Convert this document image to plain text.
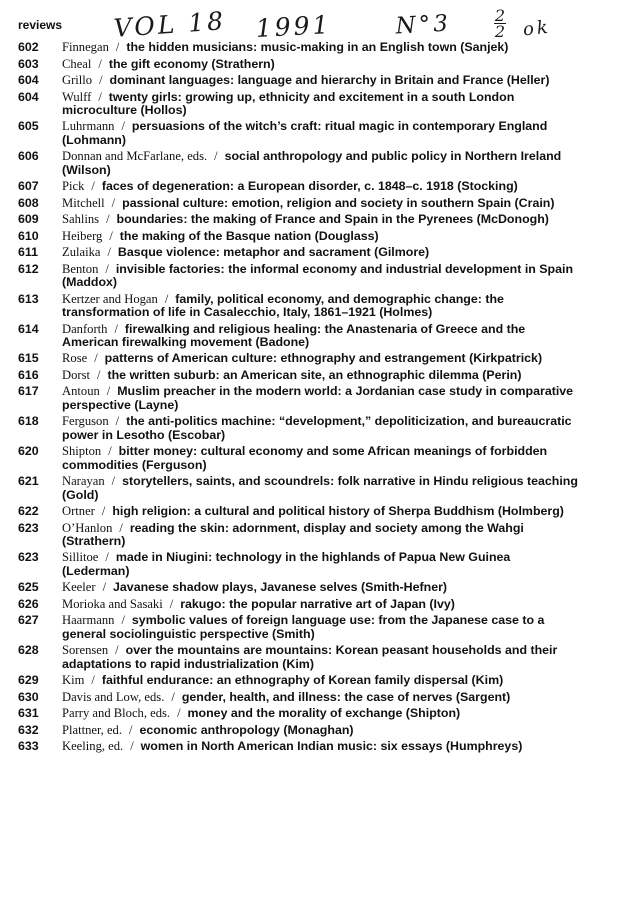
reviews VOL 18 1991	N°3	2
2 ok
602	Finnegan / the hidden musicians: music-making in an English town (Sanjek)
603	Cheal / the gift economy (Strathern)
604	Grillo / dominant languages: language and hierarchy in Britain and France (Heller)
604	Wulff / twenty girls: growing up, ethnicity and excitement in a south London microculture (Hollos)
605	Luhrmann / persuasions of the witch’s craft: ritual magic in contemporary England (Lohmann)
606	Donnan and McFarlane, eds. / social anthropology and public policy in Northern Ireland (Wilson)
607	Pick / faces of degeneration: a European disorder, c. 1848–c. 1918 (Stocking)
608	Mitchell / passional culture: emotion, religion and society in southern Spain (Crain)
609	Sahlins / boundaries: the making of France and Spain in the Pyrenees (McDonogh)
610	Heiberg / the making of the Basque nation (Douglass)
611	Zulaika / Basque violence: metaphor and sacrament (Gilmore)
612	Benton / invisible factories: the informal economy and industrial development in Spain (Maddox)
613	Kertzer and Hogan / family, political economy, and demographic change: the transformation of life in Casalecchio, Italy, 1861–1921 (Holmes)
614	Danforth / firewalking and religious healing: the Anastenaria of Greece and the American firewalking movement (Badone)
615	Rose / patterns of American culture: ethnography and estrangement (Kirkpatrick)
616	Dorst / the written suburb: an American site, an ethnographic dilemma (Perin)
617	Antoun / Muslim preacher in the modern world: a Jordanian case study in comparative perspective (Layne)
618	Ferguson / the anti-politics machine: “development,” depoliticization, and bureaucratic power in Lesotho (Escobar)
620	Shipton / bitter money: cultural economy and some African meanings of forbidden commodities (Ferguson)
621	Narayan / storytellers, saints, and scoundrels: folk narrative in Hindu religious teaching (Gold)
622	Ortner / high religion: a cultural and political history of Sherpa Buddhism (Holmberg)
623	O’Hanlon / reading the skin: adornment, display and society among the Wahgi (Strathern)
623	Sillitoe / made in Niugini: technology in the highlands of Papua New Guinea (Lederman)
625	Keeler / Javanese shadow plays, Javanese selves (Smith-Hefner)
626	Morioka and Sasaki / rakugo: the popular narrative art of Japan (Ivy)
627	Haarmann / symbolic values of foreign language use: from the Japanese case to a general sociolinguistic perspective (Smith)
628	Sorensen / over the mountains are mountains: Korean peasant households and their adaptations to rapid industrialization (Kim)
629	Kim / faithful endurance: an ethnography of Korean family dispersal (Kim)
630	Davis and Low, eds. / gender, health, and illness: the case of nerves (Sargent)
631	Parry and Bloch, eds. / money and the morality of exchange (Shipton)
632	Plattner, ed. / economic anthropology (Monaghan)
633	Keeling, ed. / women in North American Indian music: six essays (Humphreys)
